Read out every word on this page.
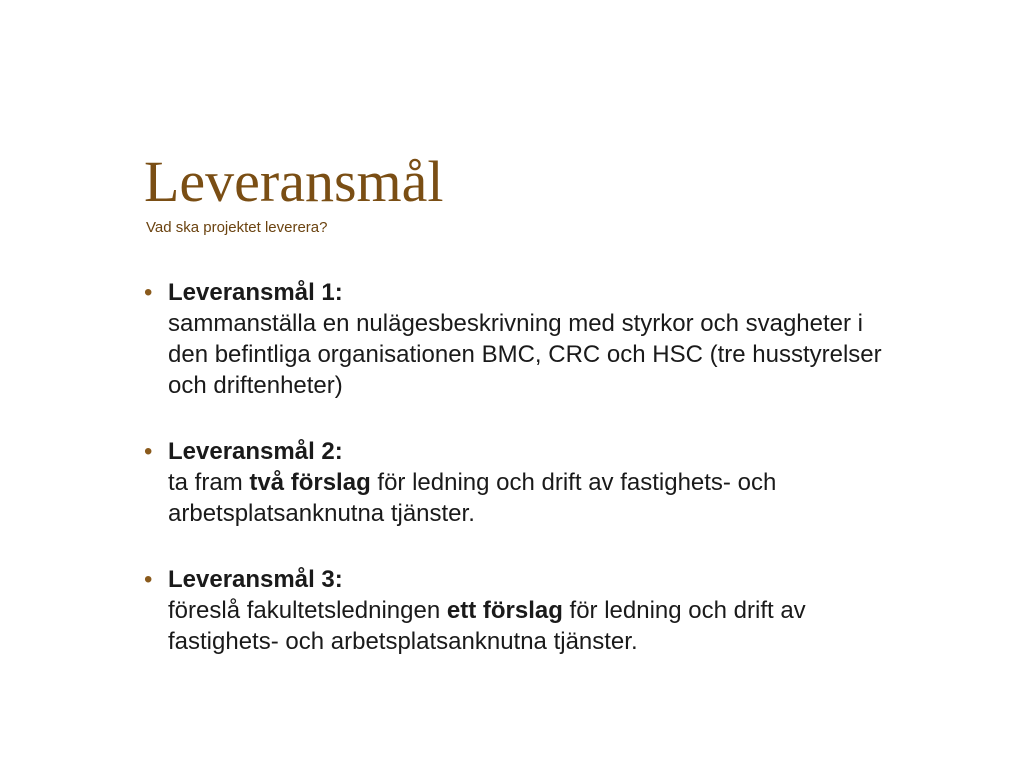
Leveransmål

Vad ska projektet leverera?

• Leveransmål 1:
sammanställa en nulägesbeskrivning med styrkor och svagheter i den befintliga organisationen BMC, CRC och HSC (tre husstyrelser och driftenheter)
• Leveransmål 2:
ta fram två förslag för ledning och drift av fastighets- och arbetsplatsanknutna tjänster.
• Leveransmål 3:
föreslå fakultetsledningen ett förslag för ledning och drift av fastighets- och arbetsplatsanknutna tjänster.
